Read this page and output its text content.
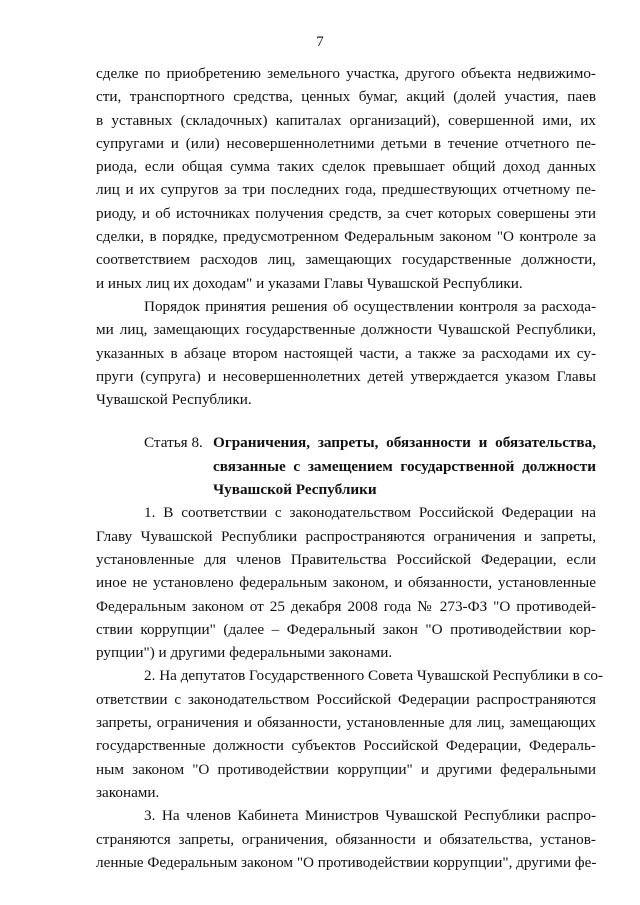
7
сделке по приобретению земельного участка, другого объекта недвижимо-
сти, транспортного средства, ценных бумаг, акций (долей участия, паев
в уставных (складочных) капиталах организаций), совершенной ими, их
супругами и (или) несовершеннолетними детьми в течение отчетного пе-
риода, если общая сумма таких сделок превышает общий доход данных
лиц и их супругов за три последних года, предшествующих отчетному пе-
риоду, и об источниках получения средств, за счет которых совершены эти
сделки, в порядке, предусмотренном Федеральным законом "О контроле за
соответствием расходов лиц, замещающих государственные должности,
и иных лиц их доходам" и указами Главы Чувашской Республики.
Порядок принятия решения об осуществлении контроля за расхода-
ми лиц, замещающих государственные должности Чувашской Республики,
указанных в абзаце втором настоящей части, а также за расходами их су-
пруги (супруга) и несовершеннолетних детей утверждается указом Главы
Чувашской Республики.
Статья 8. Ограничения, запреты, обязанности и обязательства,
связанные с замещением государственной должности
Чувашской Республики
1. В соответствии с законодательством Российской Федерации на
Главу Чувашской Республики распространяются ограничения и запреты,
установленные для членов Правительства Российской Федерации, если
иное не установлено федеральным законом, и обязанности, установленные
Федеральным законом от 25 декабря 2008 года № 273-ФЗ "О противодей-
ствии коррупции" (далее – Федеральный закон "О противодействии кор-
рупции") и другими федеральными законами.
2. На депутатов Государственного Совета Чувашской Республики в со-
ответствии с законодательством Российской Федерации распространяются
запреты, ограничения и обязанности, установленные для лиц, замещающих
государственные должности субъектов Российской Федерации, Федераль-
ным законом "О противодействии коррупции" и другими федеральными
законами.
3. На членов Кабинета Министров Чувашской Республики распро-
страняются запреты, ограничения, обязанности и обязательства, установ-
ленные Федеральным законом "О противодействии коррупции", другими фе-
